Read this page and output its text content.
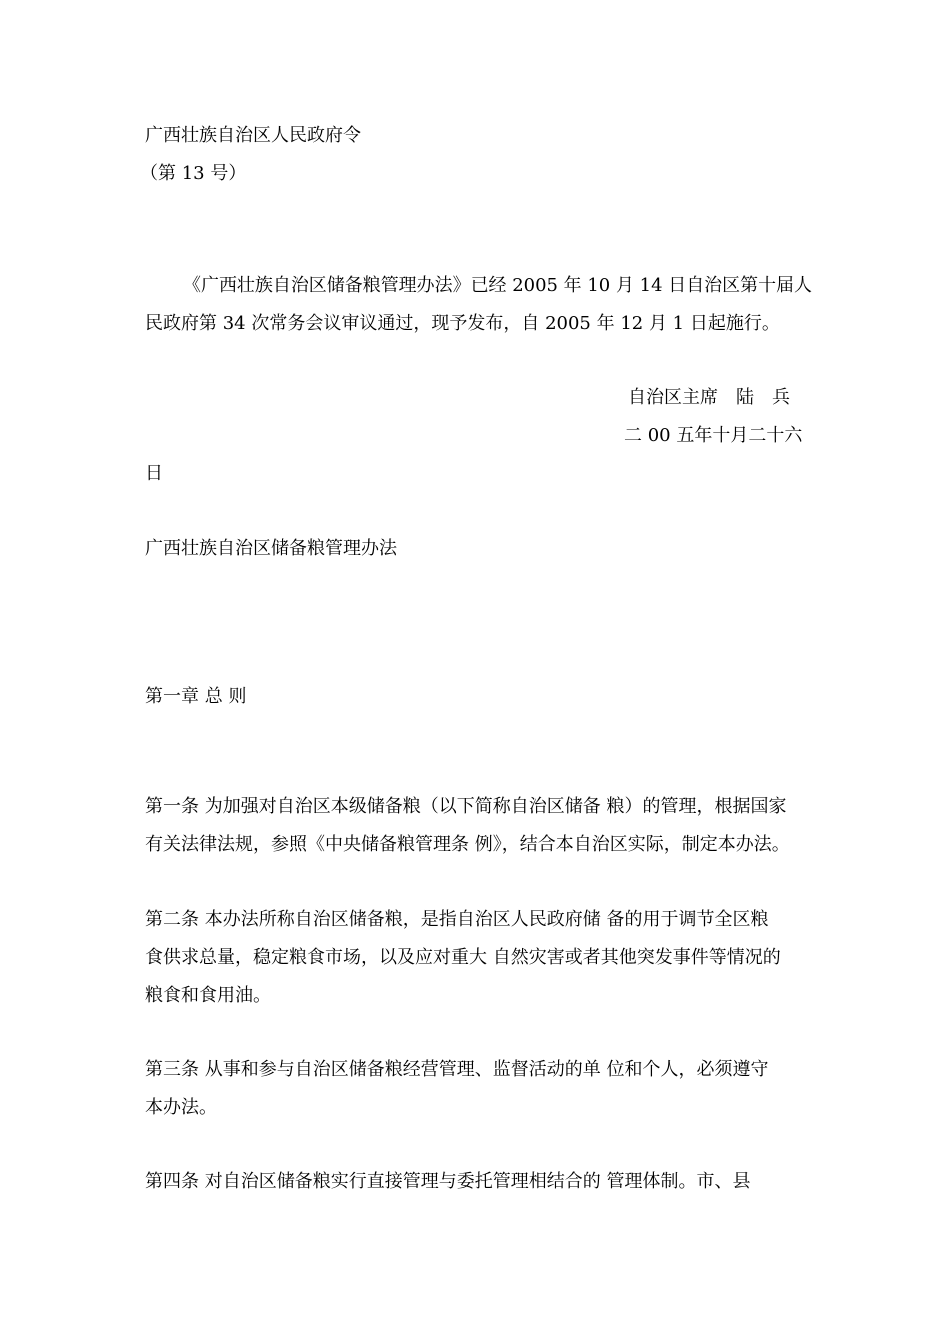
广西壮族自治区人民政府令
（第 13 号）
《广西壮族自治区储备粮管理办法》已经 2005 年 10 月 14 日自治区第十届人
民政府第 34 次常务会议审议通过，现予发布，自 2005 年 12 月 1 日起施行。
自治区主席　陆　兵
二 00 五年十月二十六
日
广西壮族自治区储备粮管理办法
第一章 总 则
第一条 为加强对自治区本级储备粮（以下简称自治区储备 粮）的管理，根据国家
有关法律法规，参照《中央储备粮管理条 例》，结合本自治区实际，制定本办法。
第二条 本办法所称自治区储备粮，是指自治区人民政府储 备的用于调节全区粮
食供求总量，稳定粮食市场，以及应对重大 自然灾害或者其他突发事件等情况的
粮食和食用油。
第三条 从事和参与自治区储备粮经营管理、监督活动的单 位和个人，必须遵守
本办法。
第四条 对自治区储备粮实行直接管理与委托管理相结合的 管理体制。市、县
